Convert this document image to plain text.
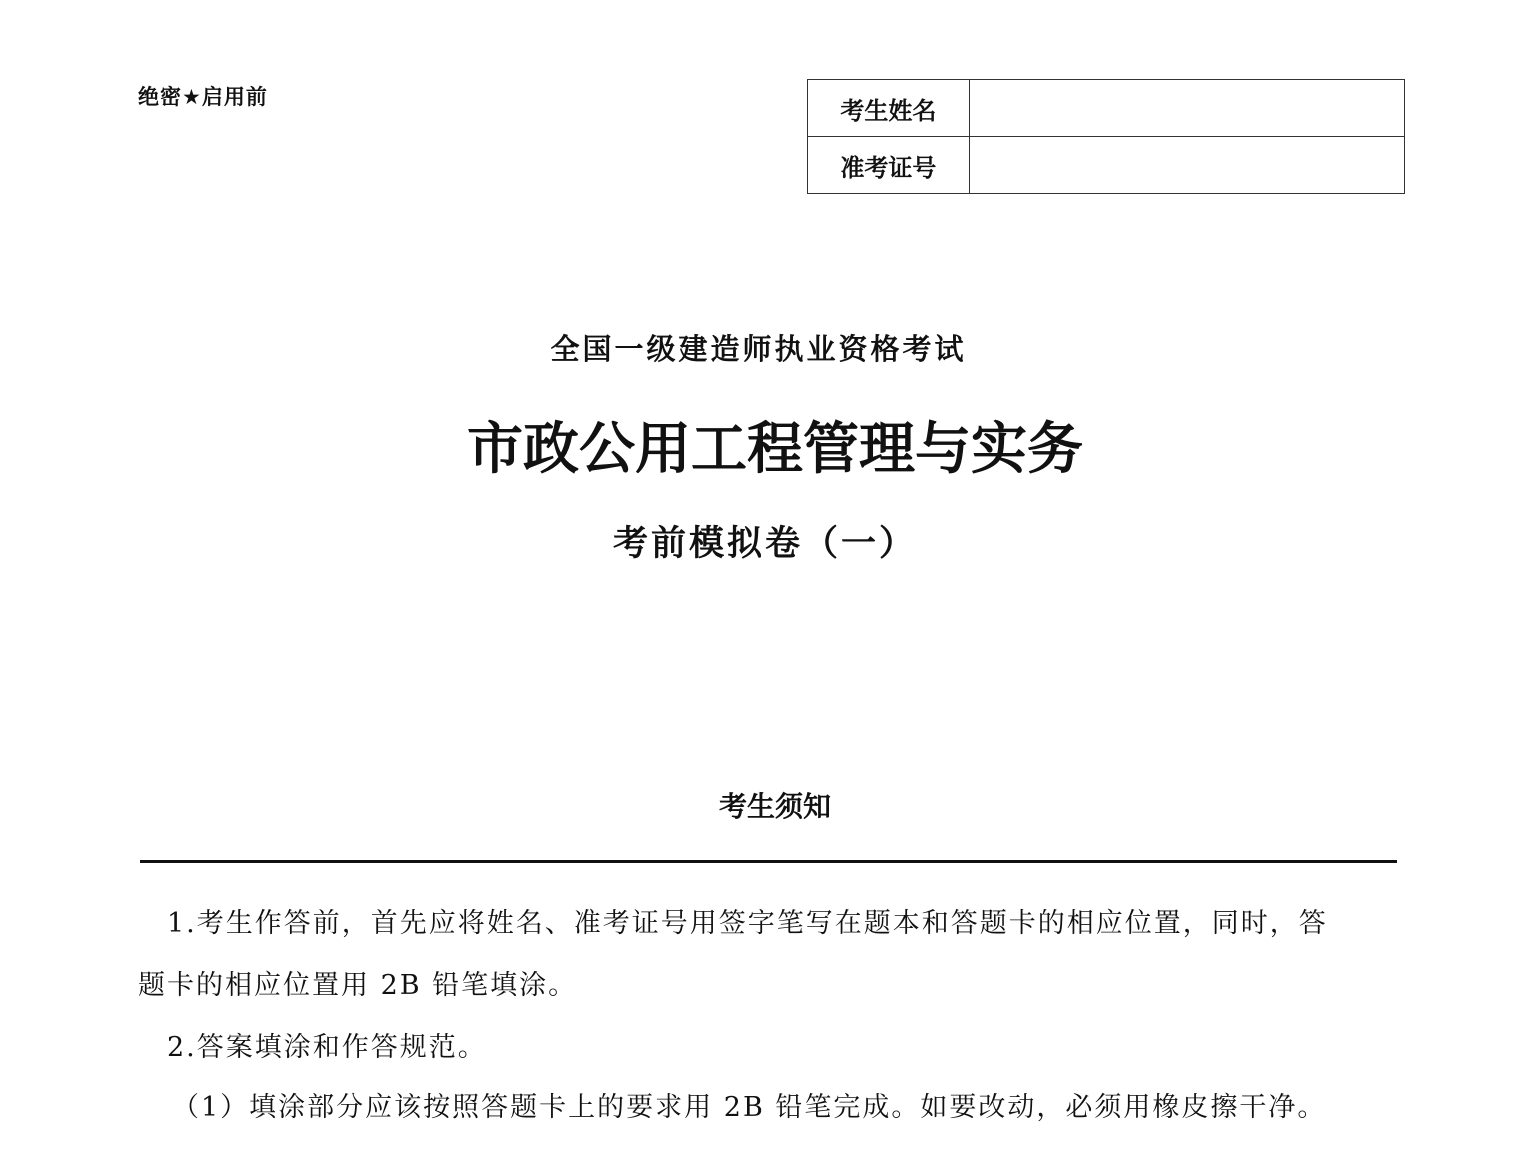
绝密★启用前	考生姓名	
准考证号	
全国一级建造师执业资格考试
市政公用工程管理与实务
考前模拟卷（一）
考生须知
　1.考生作答前，首先应将姓名、准考证号用签字笔写在题本和答题卡的相应位置，同时，答
题卡的相应位置用 2B 铅笔填涂。
　2.答案填涂和作答规范。
（1）填涂部分应该按照答题卡上的要求用 2B 铅笔完成。如要改动，必须用橡皮擦干净。
